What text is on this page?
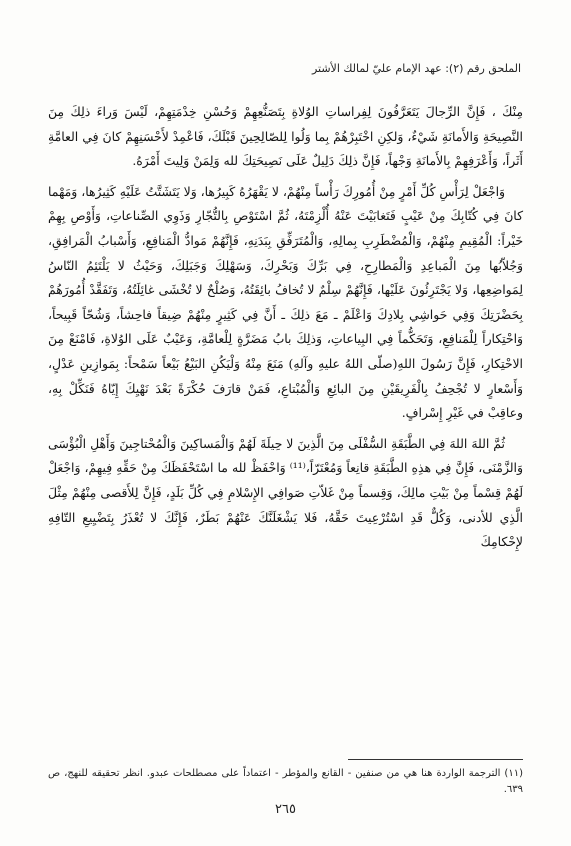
الملحق رقم (٢): عهد الإمام عليّ لمالك الأشتر

مِنْكَ ، فَإِنَّ الرِّجالَ يَتَعَرَّفُونَ لِفِراساتِ الوُلاةِ بِتَصَنُّعِهِمْ وَحُسْنِ خِدْمَتِهِمْ، لَيْسَ وَراءَ ذلِكَ مِنَ النَّصِيحَةِ وَالأَمانَةِ شَيْءٌ، وَلكِنِ اخْتَبِرْهُمْ بِما وَلُوا لِلصّالِحِينَ قَبْلَكَ، فَاعْمِدْ لأَحْسَنِهِمْ كانَ فِي العامَّةِ أَثَراً، وَأَعْرَفِهِمْ بِالأَمانَةِ وَجْهاً، فَإِنَّ ذلِكَ دَلِيلٌ عَلَى نَصِيحَتِكَ لله وَلِمَنْ وَلِيتَ أَمْرَهُ.

وَاجْعَلْ لِرَأْسِ كُلِّ أَمْرٍ مِنْ أُمُورِكَ رَأْساً مِنْهُمْ، لا يَقْهَرُهُ كَبِيرُها، وَلا يَتَشَتَّتُ عَلَيْهِ كَثِيرُها، وَمَهْما كانَ فِي كُتّابِكَ مِنْ عَيْبٍ فَتَغابَيْتَ عَنْهُ أُلْزِمْتَهُ، ثُمَّ اسْتَوْصِ بِالتُّجّارِ وَذَوِي الصِّناعاتِ، وَأَوْصِ بِهِمْ خَيْراً: الْمُقِيمِ مِنْهُمْ، وَالْمُضْطَرِبِ بِمالِهِ، وَالْمُتَرَفِّقِ بِبَدَنِهِ، فَإِنَّهُمْ مَوادُّ الْمَنافِعِ، وَأَسْبابُ الْمَرافِقِ، وَجُلاّبُها مِنَ الْمَباعِدِ وَالْمَطارِحِ، فِي بَرِّكَ وَبَحْرِكَ، وَسَهْلِكَ وَجَبَلِكَ، وَحَيْثُ لا يَلْتَئِمُ النّاسُ لِمَواضِعِها، وَلا يَجْتَرِئُونَ عَلَيْها، فَإِنَّهُمْ سِلْمٌ لا تُخافُ بائِقَتُهُ، وَصُلْحٌ لا تُخْشَى غائِلَتُهُ، وَتَفَقَّدْ أُمُورَهُمْ بِحَضْرَتِكَ وَفِي حَواشِي بِلادِكَ وَاعْلَمْ ـ مَعَ ذلِكَ ـ أَنَّ فِي كَثِيرٍ مِنْهُمْ ضِيقاً فاحِشاً، وَشُحّاً قَبِيحاً، وَاحْتِكاراً لِلْمَنافِعِ، وَتَحَكُّماً فِي البِياعاتِ، وَذلِكَ بابُ مَضَرَّةٍ لِلْعامَّةِ، وَعَيْبٌ عَلَى الوُلاةِ، فَامْنَعْ مِنَ الاحْتِكارِ، فَإِنَّ رَسُولَ اللهِ(صلّى اللهُ عليهِ وآلهِ) مَنَعَ مِنْهُ وَلْيَكُنِ البَيْعُ بَيْعاً سَمْحاً: بِمَوازِينِ عَدْلٍ، وَأَسْعارٍ لا تُجْحِفُ بِالْفَرِيقَيْنِ مِنَ البائِعِ وَالْمُبْتاعِ، فَمَنْ قارَفَ حُكْرَةً بَعْدَ نَهْيِكَ إِيّاهُ فَنَكِّلْ بِهِ، وعاقِبْ في غَيْرِ إِسْرافٍ.

ثُمَّ اللهَ اللهَ فِي الطَّبَقَةِ السُّفْلَى مِنَ الَّذِينَ لا حِيلَةَ لَهُمْ وَالْمَساكِينَ وَالْمُحْتاجِينَ وَأَهْلِ الْبُؤْسَى وَالزَّمْنَى، فَإِنَّ فِي هذِهِ الطَّبَقَةِ قانِعاً وَمُعْتَرّاً،⁽¹¹⁾ وَاحْفَظْ لله ما اسْتَحْفَظَكَ مِنْ حَقِّهِ فِيهِمْ، وَاجْعَلْ لَهُمْ قِسْماً مِنْ بَيْتِ مالِكَ، وَقِسماً مِنْ غَلاّتِ صَوافِي الإِسْلامِ فِي كُلِّ بَلَدٍ، فَإِنَّ لِلأَقصى مِنْهُمْ مِثْلَ الَّذِي للأدنى، وَكُلٌّ قَدِ اسْتُرْعِيتَ حَقَّهُ، فَلا يَشْغَلَنَّكَ عَنْهُمْ بَطَرٌ، فَإِنَّكَ لا تُعْذَرُ بِتَضْيِيعِ التّافِهِ لإِحْكامِكَ

(١١) الترجمة الواردة هنا هي من صنفين - القانع والمؤطر - اعتماداً على مصطلحات عبدو. انظر تحقيقه للنهج، ص ٦٣٩.
٢٦٥
